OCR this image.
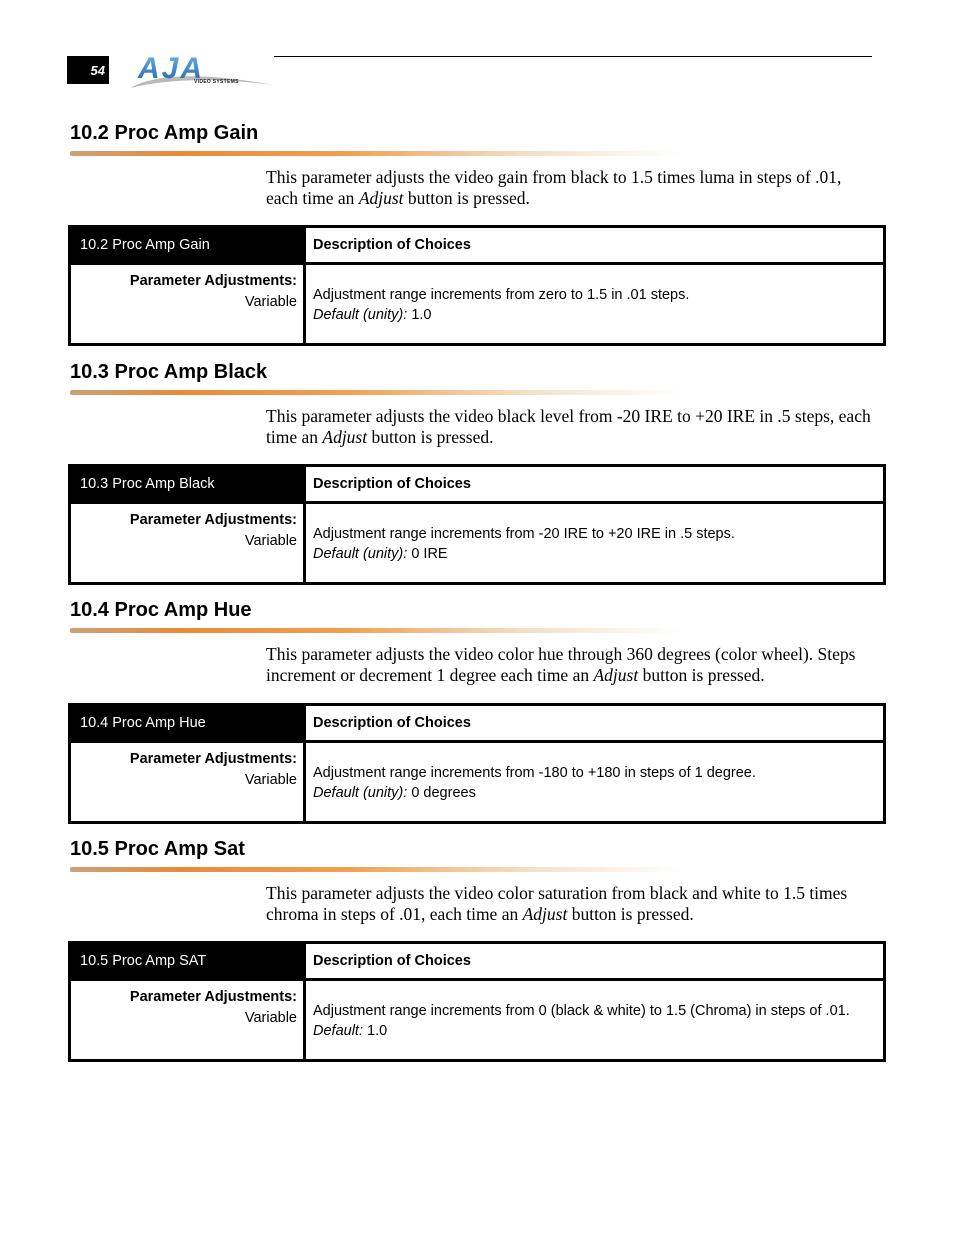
54 AJA
VIDEO SYSTEMS
10.2 Proc Amp Gain

This parameter adjusts the video gain from black to 1.5 times luma in steps of .01, each time an Adjust button is pressed.

10.2 Proc Amp Gain	Description of Choices

Parameter Adjustments:
Variable	Adjustment range increments from zero to 1.5 in .01 steps.
Default (unity): 1.0
10.3 Proc Amp Black

This parameter adjusts the video black level from -20 IRE to +20 IRE in .5 steps, each time an Adjust button is pressed.

10.3 Proc Amp Black	Description of Choices

Parameter Adjustments:
Variable	Adjustment range increments from -20 IRE to +20 IRE in .5 steps.
Default (unity): 0 IRE
10.4 Proc Amp Hue

This parameter adjusts the video color hue through 360 degrees (color wheel). Steps increment or decrement 1 degree each time an Adjust button is pressed.

10.4 Proc Amp Hue	Description of Choices

Parameter Adjustments:
Variable	Adjustment range increments from -180 to +180 in steps of 1 degree.
Default (unity): 0 degrees
10.5 Proc Amp Sat

This parameter adjusts the video color saturation from black and white to 1.5 times chroma in steps of .01, each time an Adjust button is pressed.

10.5 Proc Amp SAT	Description of Choices

Parameter Adjustments:
Variable	Adjustment range increments from 0 (black & white) to 1.5 (Chroma) in steps of .01.
Default: 1.0
